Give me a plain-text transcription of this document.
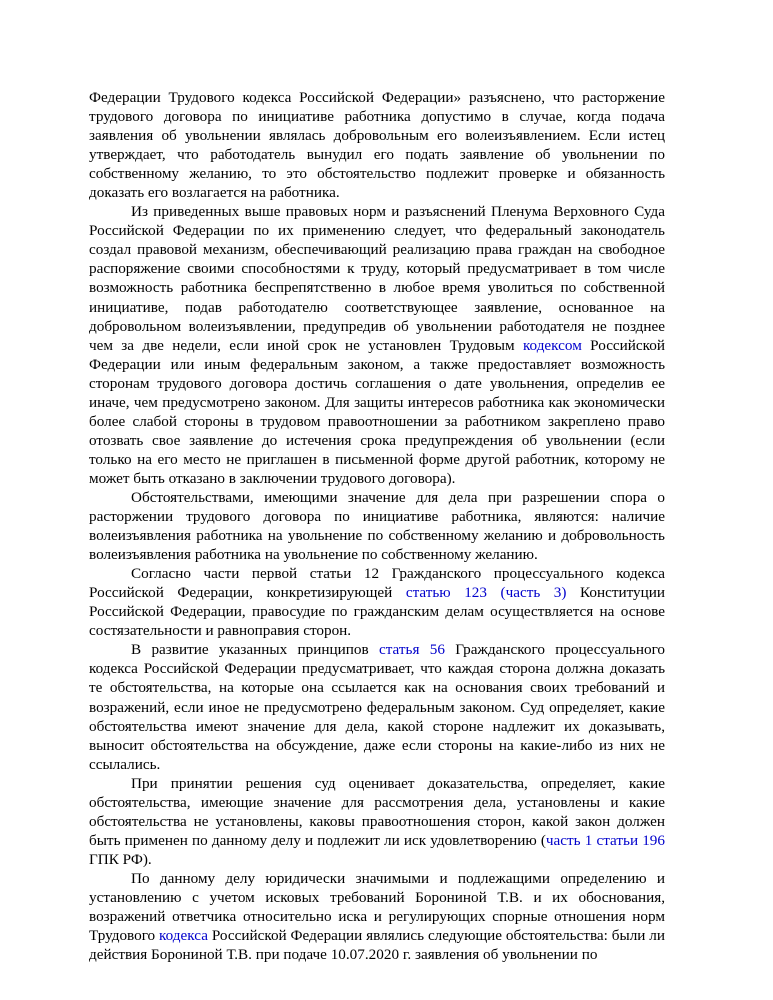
Федерации Трудового кодекса Российской Федерации» разъяснено, что расторжение трудового договора по инициативе работника допустимо в случае, когда подача заявления об увольнении являлась добровольным его волеизъявлением. Если истец утверждает, что работодатель вынудил его подать заявление об увольнении по собственному желанию, то это обстоятельство подлежит проверке и обязанность доказать его возлагается на работника.

Из приведенных выше правовых норм и разъяснений Пленума Верховного Суда Российской Федерации по их применению следует, что федеральный законодатель создал правовой механизм, обеспечивающий реализацию права граждан на свободное распоряжение своими способностями к труду, который предусматривает в том числе возможность работника беспрепятственно в любое время уволиться по собственной инициативе, подав работодателю соответствующее заявление, основанное на добровольном волеизъявлении, предупредив об увольнении работодателя не позднее чем за две недели, если иной срок не установлен Трудовым кодексом Российской Федерации или иным федеральным законом, а также предоставляет возможность сторонам трудового договора достичь соглашения о дате увольнения, определив ее иначе, чем предусмотрено законом. Для защиты интересов работника как экономически более слабой стороны в трудовом правоотношении за работником закреплено право отозвать свое заявление до истечения срока предупреждения об увольнении (если только на его место не приглашен в письменной форме другой работник, которому не может быть отказано в заключении трудового договора).

Обстоятельствами, имеющими значение для дела при разрешении спора о расторжении трудового договора по инициативе работника, являются: наличие волеизъявления работника на увольнение по собственному желанию и добровольность волеизъявления работника на увольнение по собственному желанию.

Согласно части первой статьи 12 Гражданского процессуального кодекса Российской Федерации, конкретизирующей статью 123 (часть 3) Конституции Российской Федерации, правосудие по гражданским делам осуществляется на основе состязательности и равноправия сторон.

В развитие указанных принципов статья 56 Гражданского процессуального кодекса Российской Федерации предусматривает, что каждая сторона должна доказать те обстоятельства, на которые она ссылается как на основания своих требований и возражений, если иное не предусмотрено федеральным законом. Суд определяет, какие обстоятельства имеют значение для дела, какой стороне надлежит их доказывать, выносит обстоятельства на обсуждение, даже если стороны на какие-либо из них не ссылались.

При принятии решения суд оценивает доказательства, определяет, какие обстоятельства, имеющие значение для рассмотрения дела, установлены и какие обстоятельства не установлены, каковы правоотношения сторон, какой закон должен быть применен по данному делу и подлежит ли иск удовлетворению (часть 1 статьи 196 ГПК РФ).

По данному делу юридически значимыми и подлежащими определению и установлению с учетом исковых требований Борониной Т.В. и их обоснования, возражений ответчика относительно иска и регулирующих спорные отношения норм Трудового кодекса Российской Федерации являлись следующие обстоятельства: были ли действия Борониной Т.В. при подаче 10.07.2020 г. заявления об увольнении по
